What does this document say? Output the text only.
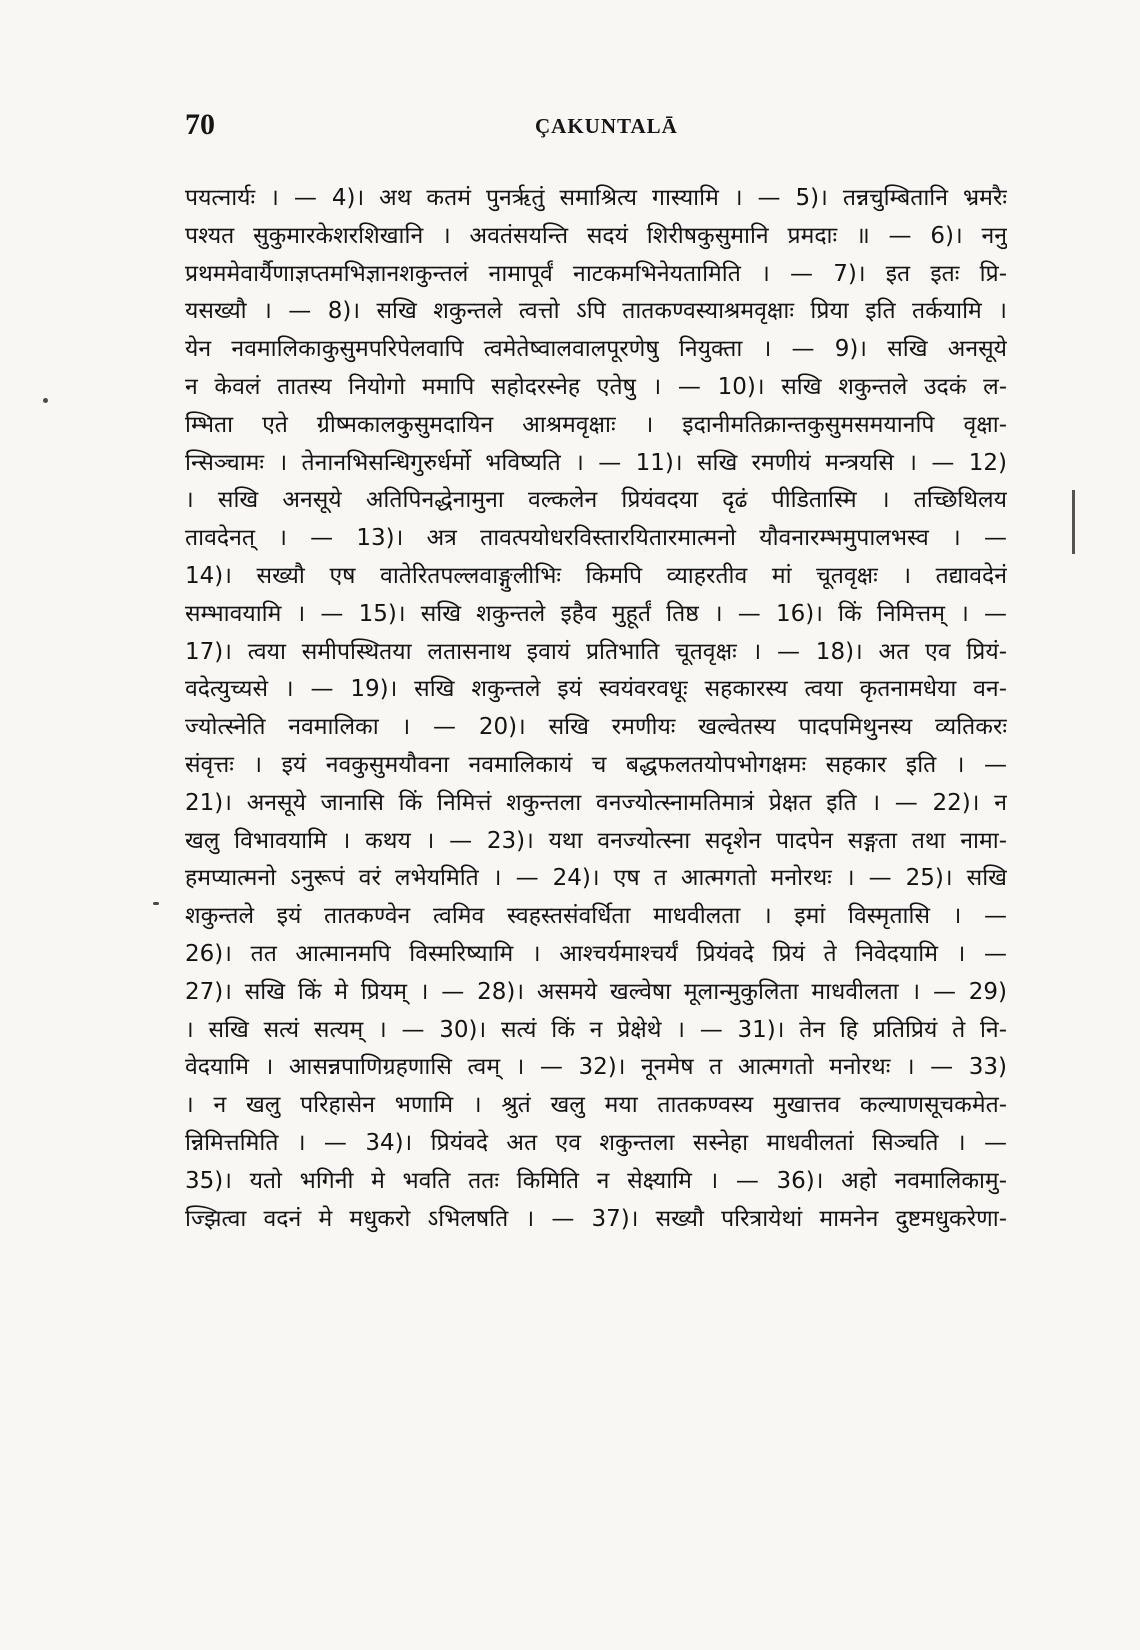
70	ÇAKUNTALĀ
पयत्नार्यः । — 4)। अथ कतमं पुनर्ऋतुं समाश्रित्य गास्यामि । — 5)। तन्नचुम्बितानि भ्रमरैः
पश्यत सुकुमारकेशरशिखानि । अवतंसयन्ति सदयं शिरीषकुसुमानि प्रमदाः ॥ — 6)। ननु
प्रथममेवार्यैणाज्ञप्तमभिज्ञानशकुन्तलं नामापूर्वं नाटकमभिनेयतामिति । — 7)। इत इतः प्रि-
यसख्यौ । — 8)। सखि शकुन्तले त्वत्तो ऽपि तातकण्वस्याश्रमवृक्षाः प्रिया इति तर्कयामि ।
येन नवमालिकाकुसुमपरिपेलवापि त्वमेतेष्वालवालपूरणेषु नियुक्ता । — 9)। सखि अनसूये
न केवलं तातस्य नियोगो ममापि सहोदरस्नेह एतेषु । — 10)। सखि शकुन्तले उदकं ल-
म्भिता एते ग्रीष्मकालकुसुमदायिन आश्रमवृक्षाः । इदानीमतिक्रान्तकुसुमसमयानपि वृक्षा-
न्सिञ्चामः । तेनानभिसन्धिगुरुर्धर्मो भविष्यति । — 11)। सखि रमणीयं मन्त्रयसि । — 12)
। सखि अनसूये अतिपिनद्धेनामुना वल्कलेन प्रियंवदया दृढं पीडितास्मि । तच्छिथिलय
तावदेनत् । — 13)। अत्र तावत्पयोधरविस्तारयितारमात्मनो यौवनारम्भमुपालभस्व । —
14)। सख्यौ एष वातेरितपल्लवाङ्गुलीभिः किमपि व्याहरतीव मां चूतवृक्षः । तद्यावदेनं
सम्भावयामि । — 15)। सखि शकुन्तले इहैव मुहूर्तं तिष्ठ । — 16)। किं निमित्तम् । —
17)। त्वया समीपस्थितया लतासनाथ इवायं प्रतिभाति चूतवृक्षः । — 18)। अत एव प्रियं-
वदेत्युच्यसे । — 19)। सखि शकुन्तले इयं स्वयंवरवधूः सहकारस्य त्वया कृतनामधेया वन-
ज्योत्स्नेति नवमालिका । — 20)। सखि रमणीयः खल्वेतस्य पादपमिथुनस्य व्यतिकरः
संवृत्तः । इयं नवकुसुमयौवना नवमालिकायं च बद्धफलतयोपभोगक्षमः सहकार इति । —
21)। अनसूये जानासि किं निमित्तं शकुन्तला वनज्योत्स्नामतिमात्रं प्रेक्षत इति । — 22)। न
खलु विभावयामि । कथय । — 23)। यथा वनज्योत्स्ना सदृशेन पादपेन सङ्गता तथा नामा-
हमप्यात्मनो ऽनुरूपं वरं लभेयमिति । — 24)। एष त आत्मगतो मनोरथः । — 25)। सखि
शकुन्तले इयं तातकण्वेन त्वमिव स्वहस्तसंवर्धिता माधवीलता । इमां विस्मृतासि । —
26)। तत आत्मानमपि विस्मरिष्यामि । आश्चर्यमाश्चर्यं प्रियंवदे प्रियं ते निवेदयामि । —
27)। सखि किं मे प्रियम् । — 28)। असमये खल्वेषा मूलान्मुकुलिता माधवीलता । — 29)
। सखि सत्यं सत्यम् । — 30)। सत्यं किं न प्रेक्षेथे । — 31)। तेन हि प्रतिप्रियं ते नि-
वेदयामि । आसन्नपाणिग्रहणासि त्वम् । — 32)। नूनमेष त आत्मगतो मनोरथः । — 33)
। न खलु परिहासेन भणामि । श्रुतं खलु मया तातकण्वस्य मुखात्तव कल्याणसूचकमेत-
न्निमित्तमिति । — 34)। प्रियंवदे अत एव शकुन्तला सस्नेहा माधवीलतां सिञ्चति । —
35)। यतो भगिनी मे भवति ततः किमिति न सेक्ष्यामि । — 36)। अहो नवमालिकामु-
ज्झित्वा वदनं मे मधुकरो ऽभिलषति । — 37)। सख्यौ परित्रायेथां मामनेन दुष्टमधुकरेणा-
